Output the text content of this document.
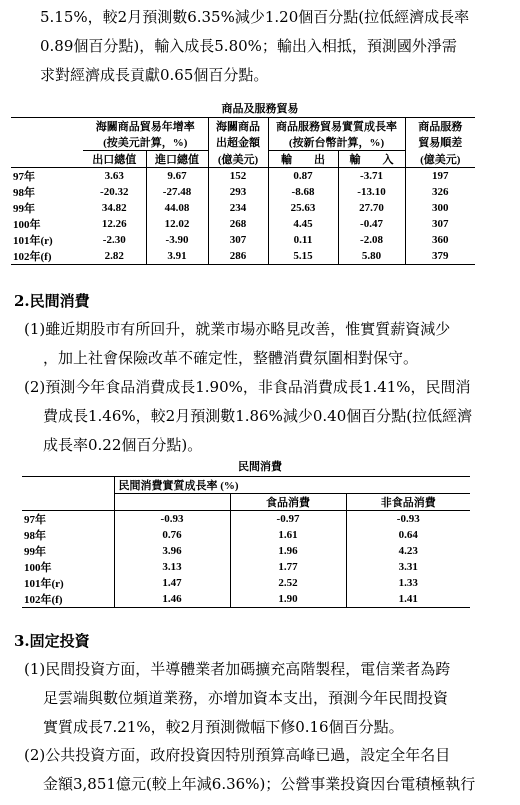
5.15%，較2月預測數6.35%減少1.20個百分點(拉低經濟成長率
0.89個百分點)，輸入成長5.80%；輸出入相抵，預測國外淨需
求對經濟成長貢獻0.65個百分點。
商品及服務貿易
	海關商品貿易年增率		海關商品	商品服務貿易實質成長率		商品服務
	(按美元計算，%)		出超金額	(按新台幣計算，%)		貿易順差
	出口總值	進口總值	(億美元)	輸　　出	輸　　入	(億美元)
97年	3.63	9.67	152	0.87	-3.71	197
98年	-20.32	-27.48	293	-8.68	-13.10	326
99年	34.82	44.08	234	25.63	27.70	300
100年	12.26	12.02	268	4.45	-0.47	307
101年(r)	-2.30	-3.90	307	0.11	-2.08	360
102年(f)	2.82	3.91	286	5.15	5.80	379
2.民間消費
(1)雖近期股市有所回升，就業市場亦略見改善，惟實質薪資減少
，加上社會保險改革不確定性，整體消費氛圍相對保守。
(2)預測今年食品消費成長1.90%，非食品消費成長1.41%，民間消
費成長1.46%，較2月預測數1.86%減少0.40個百分點(拉低經濟
成長率0.22個百分點)。
民間消費
	民間消費實質成長率 (%)		
		食品消費	非食品消費
97年	-0.93	-0.97	-0.93
98年	0.76	1.61	0.64
99年	3.96	1.96	4.23
100年	3.13	1.77	3.31
101年(r)	1.47	2.52	1.33
102年(f)	1.46	1.90	1.41
3.固定投資
(1)民間投資方面，半導體業者加碼擴充高階製程，電信業者為跨
足雲端與數位頻道業務，亦增加資本支出，預測今年民間投資
實質成長7.21%，較2月預測微幅下修0.16個百分點。
(2)公共投資方面，政府投資因特別預算高峰已過，設定全年名目
金額3,851億元(較上年減6.36%)；公營事業投資因台電積極執行
